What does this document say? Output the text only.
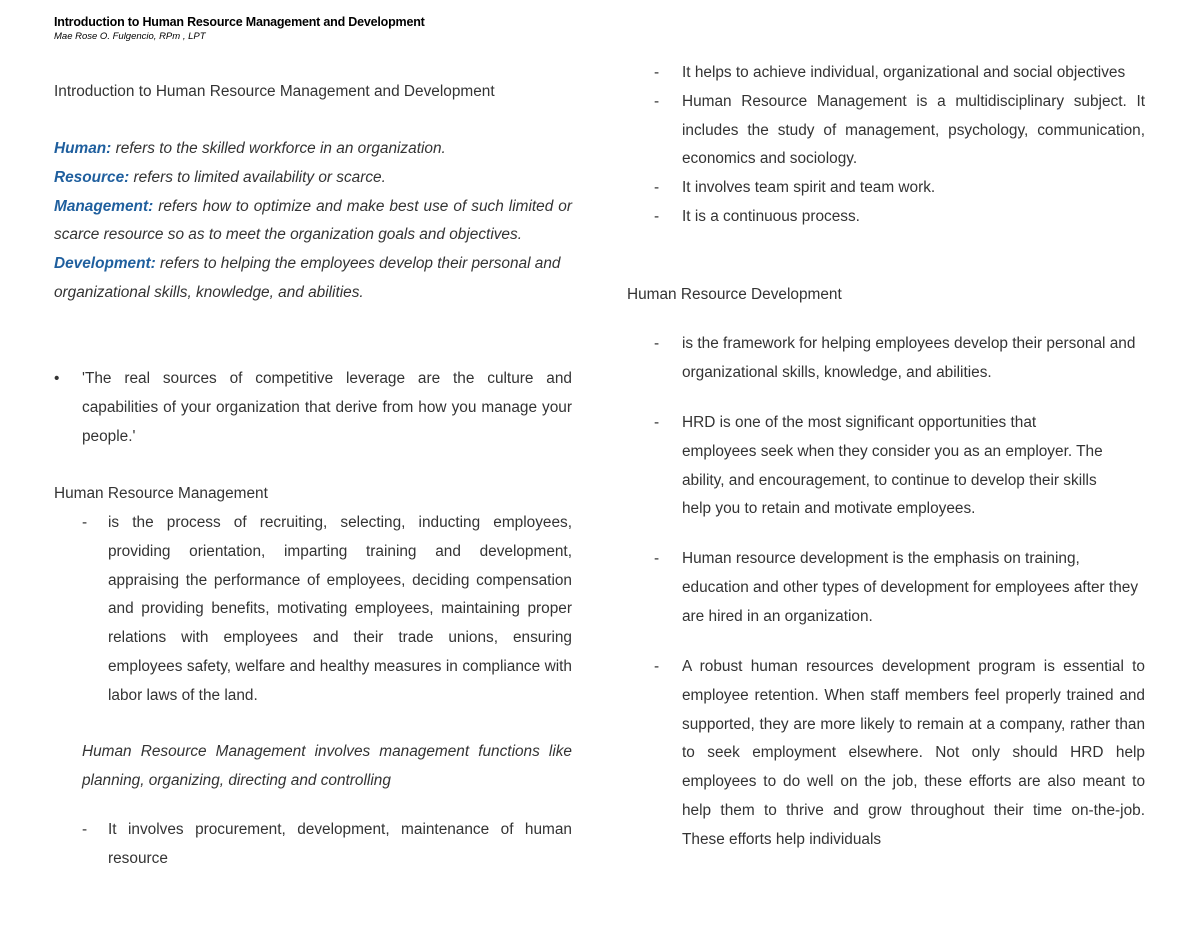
Introduction to Human Resource Management and Development
Mae Rose O. Fulgencio, RPm , LPT

Introduction to Human Resource Management and Development

Human: refers to the skilled workforce in an organization.

Resource: refers to limited availability or scarce.

Management: refers how to optimize and make best use of such limited or scarce resource so as to meet the organization goals and objectives.

Development: refers to helping the employees develop their personal and organizational skills, knowledge, and abilities.

• 'The real sources of competitive leverage are the culture and capabilities of your organization that derive from how you manage your people.'

Human Resource Management

- is the process of recruiting, selecting, inducting employees, providing orientation, imparting training and development, appraising the performance of employees, deciding compensation and providing benefits, motivating employees, maintaining proper relations with employees and their trade unions, ensuring employees safety, welfare and healthy measures in compliance with labor laws of the land.

Human Resource Management involves management functions like planning, organizing, directing and controlling

- It involves procurement, development, maintenance of human resource

- It helps to achieve individual, organizational and social objectives

- Human Resource Management is a multidisciplinary subject. It includes the study of management, psychology, communication, economics and sociology.

- It involves team spirit and team work.

- It is a continuous process.

Human Resource Development

- is the framework for helping employees develop their personal and organizational skills, knowledge, and abilities.

- HRD is one of the most significant opportunities that employees seek when they consider you as an employer. The ability, and encouragement, to continue to develop their skills help you to retain and motivate employees.

- Human resource development is the emphasis on training, education and other types of development for employees after they are hired in an organization.

- A robust human resources development program is essential to employee retention. When staff members feel properly trained and supported, they are more likely to remain at a company, rather than to seek employment elsewhere. Not only should HRD help employees to do well on the job, these efforts are also meant to help them to thrive and grow throughout their time on-the-job. These efforts help individuals
